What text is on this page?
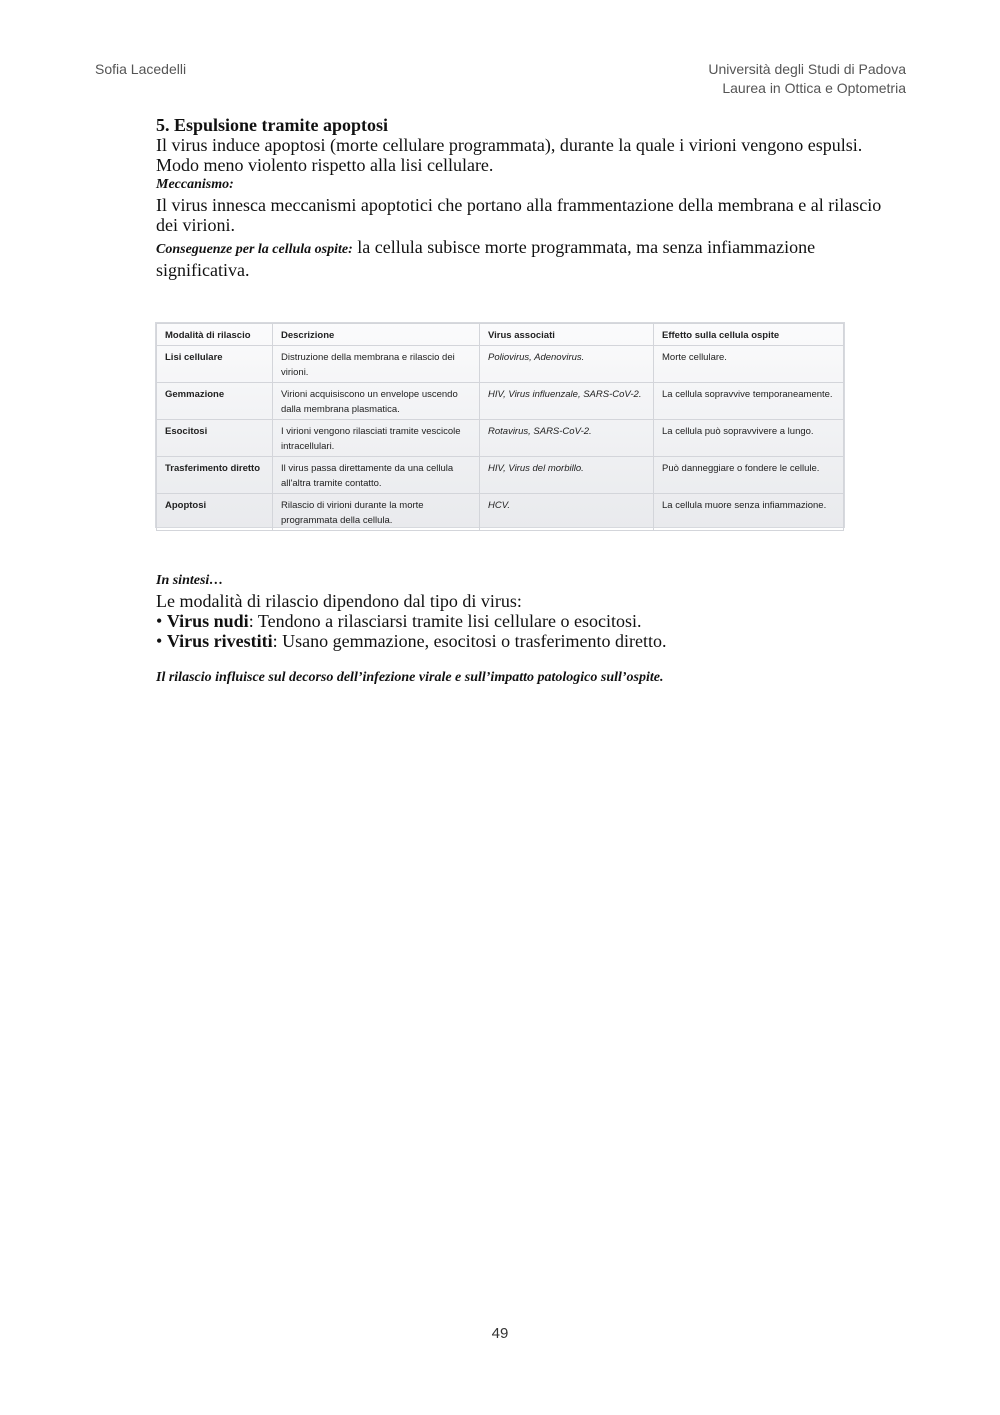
Sofia Lacedelli	Università degli Studi di Padova
Laurea in Ottica e Optometria

5. Espulsione tramite apoptosi

Il virus induce apoptosi (morte cellulare programmata), durante la quale i virioni vengono espulsi.

Modo meno violento rispetto alla lisi cellulare.

Meccanismo:

Il virus innesca meccanismi apoptotici che portano alla frammentazione della membrana e al rilascio dei virioni.

Conseguenze per la cellula ospite: la cellula subisce morte programmata, ma senza infiammazione significativa.

Modalità di rilascio	Descrizione	Virus associati	Effetto sulla cellula ospite
Lisi cellulare	Distruzione della membrana e rilascio dei virioni.	Poliovirus, Adenovirus.	Morte cellulare.
Gemmazione	Virioni acquisiscono un envelope uscendo dalla membrana plasmatica.	HIV, Virus influenzale, SARS-CoV-2.	La cellula sopravvive temporaneamente.
Esocitosi	I virioni vengono rilasciati tramite vescicole intracellulari.	Rotavirus, SARS-CoV-2.	La cellula può sopravvivere a lungo.
Trasferimento diretto	Il virus passa direttamente da una cellula all'altra tramite contatto.	HIV, Virus del morbillo.	Può danneggiare o fondere le cellule.
Apoptosi	Rilascio di virioni durante la morte programmata della cellula.	HCV.	La cellula muore senza infiammazione.

In sintesi…

Le modalità di rilascio dipendono dal tipo di virus:

• Virus nudi: Tendono a rilasciarsi tramite lisi cellulare o esocitosi.

• Virus rivestiti: Usano gemmazione, esocitosi o trasferimento diretto.

Il rilascio influisce sul decorso dell’infezione virale e sull’impatto patologico sull’ospite.
49
